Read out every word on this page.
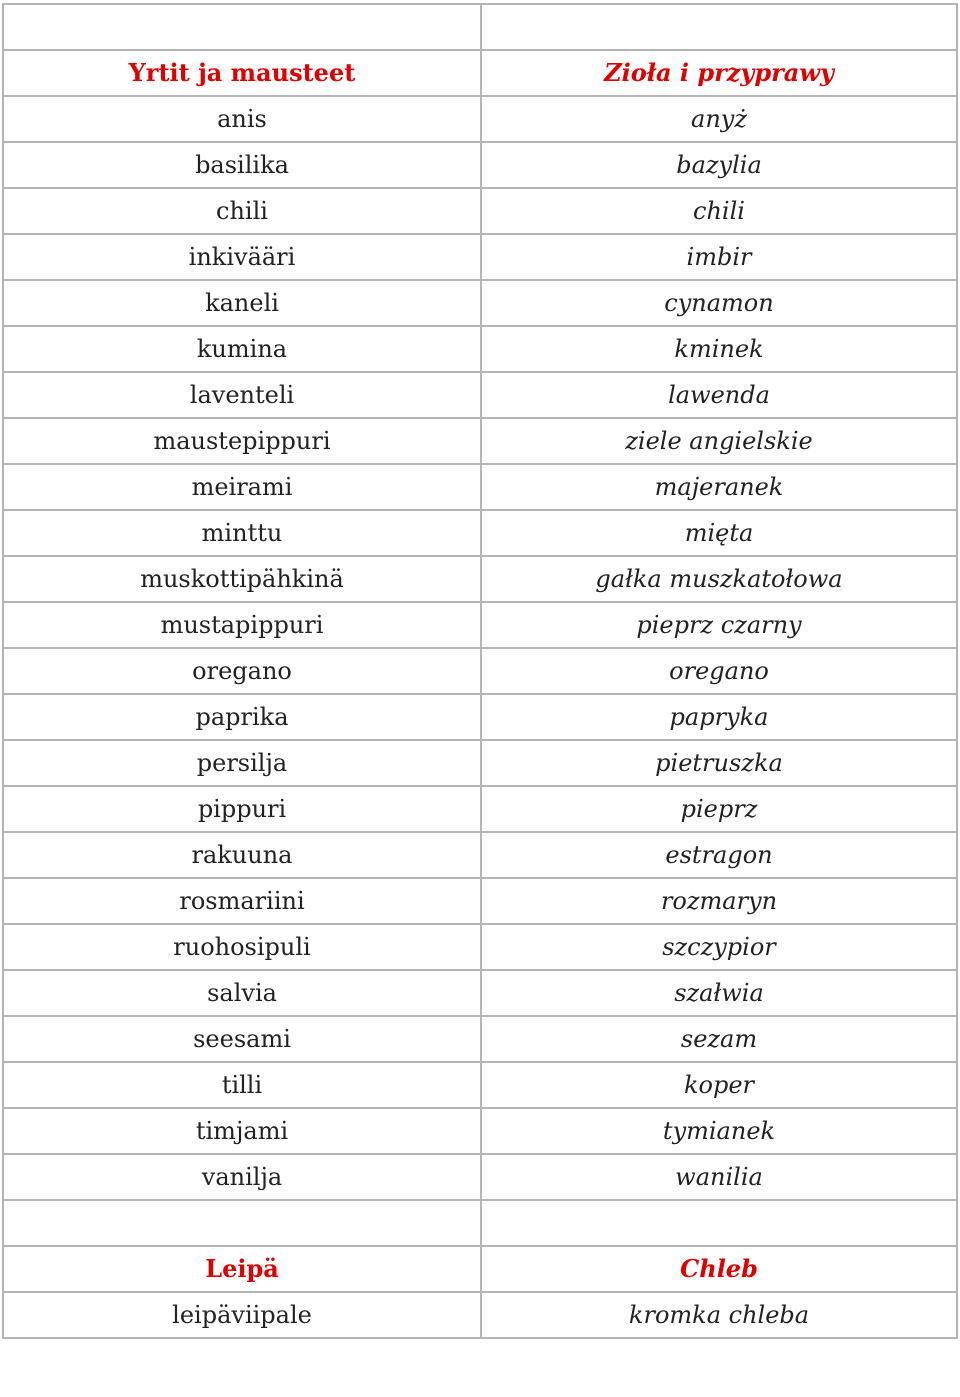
Yrtit ja mausteet	Zioła i przyprawy
anis	anyż
basilika	bazylia
chili	chili
inkivääri	imbir
kaneli	cynamon
kumina	kminek
laventeli	lawenda
maustepippuri	ziele angielskie
meirami	majeranek
minttu	mięta
muskottipähkinä	gałka muszkatołowa
mustapippuri	pieprz czarny
oregano	oregano
paprika	papryka
persilja	pietruszka
pippuri	pieprz
rakuuna	estragon
rosmariini	rozmaryn
ruohosipuli	szczypior
salvia	szałwia
seesami	sezam
tilli	koper
timjami	tymianek
vanilja	wanilia

Leipä	Chleb
leipäviipale	kromka chleba
